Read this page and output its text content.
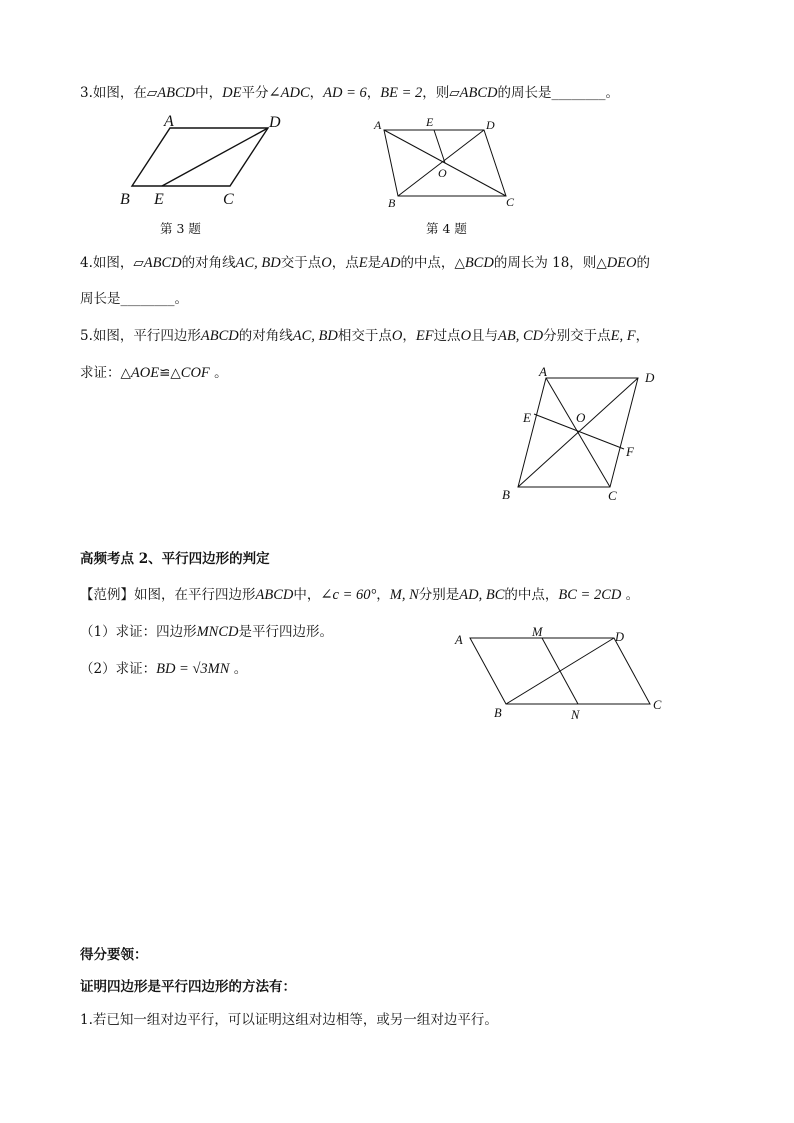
3.如图，在▱ABCD中，DE平分∠ADC，AD = 6，BE = 2，则▱ABCD的周长是________。
A	D
B E	C
第 3 题
A	E	D
O
B	C
第 4 题
4.如图，▱ABCD的对角线AC, BD交于点O，点E是AD的中点，△BCD的周长为 18，则△DEO的
周长是________。
5.如图，平行四边形ABCD的对角线AC, BD相交于点O，EF过点O且与AB, CD分别交于点E, F，
求证：△AOE≌△COF 。	A	D
E	O
F
B	C
高频考点 2、平行四边形的判定
【范例】如图，在平行四边形ABCD中，∠c = 60°，M, N分别是AD, BC的中点，BC = 2CD 。
（1）求证：四边形MNCD是平行四边形。
（2）求证：BD = √3MN 。
A
M	D
B	N
C
得分要领：
证明四边形是平行四边形的方法有：
1.若已知一组对边平行，可以证明这组对边相等，或另一组对边平行。
